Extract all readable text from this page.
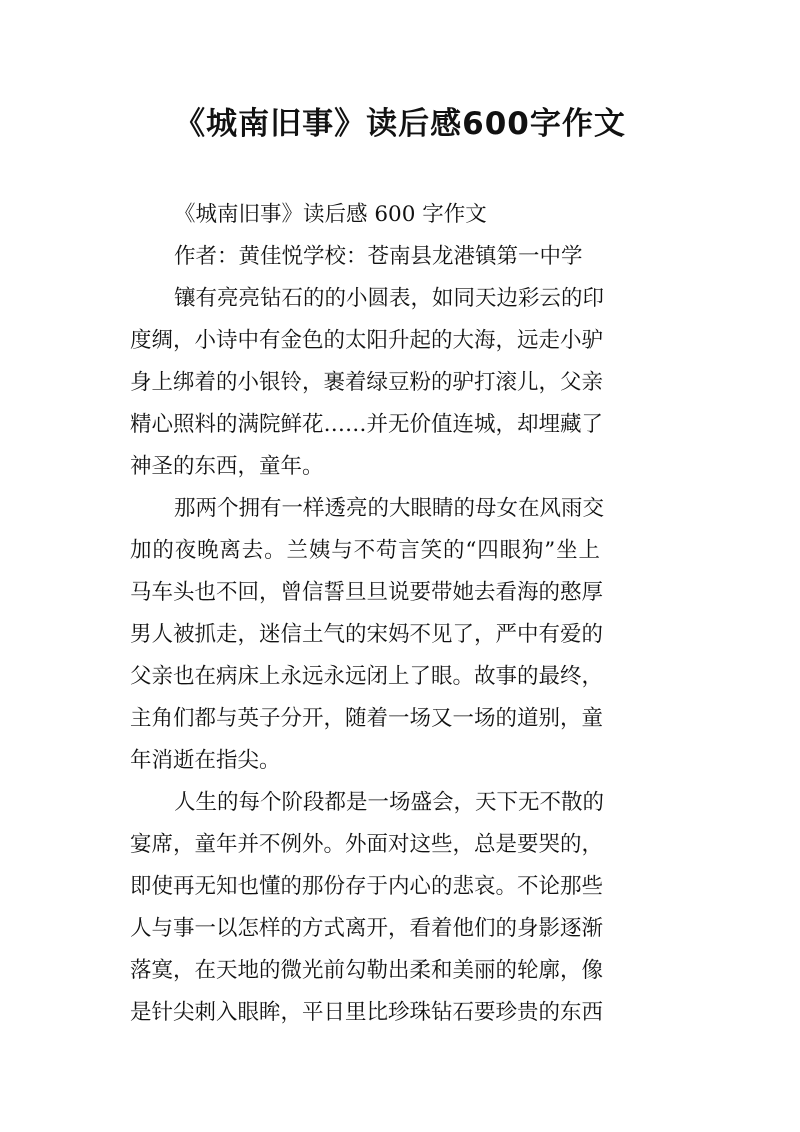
《城南旧事》读后感600字作文
《城南旧事》读后感 600 字作文
作者：黄佳悦学校：苍南县龙港镇第一中学
镶有亮亮钻石的的小圆表，如同天边彩云的印
度绸，小诗中有金色的太阳升起的大海，远走小驴
身上绑着的小银铃，裹着绿豆粉的驴打滚儿，父亲
精心照料的满院鲜花……并无价值连城，却埋藏了
神圣的东西，童年。
那两个拥有一样透亮的大眼睛的母女在风雨交
加的夜晚离去。兰姨与不苟言笑的“四眼狗”坐上
马车头也不回，曾信誓旦旦说要带她去看海的憨厚
男人被抓走，迷信土气的宋妈不见了，严中有爱的
父亲也在病床上永远永远闭上了眼。故事的最终，
主角们都与英子分开，随着一场又一场的道别，童
年消逝在指尖。
人生的每个阶段都是一场盛会，天下无不散的
宴席，童年并不例外。外面对这些，总是要哭的，
即使再无知也懂的那份存于内心的悲哀。不论那些
人与事一以怎样的方式离开，看着他们的身影逐渐
落寞，在天地的微光前勾勒出柔和美丽的轮廓，像
是针尖刺入眼眸，平日里比珍珠钻石要珍贵的东西
